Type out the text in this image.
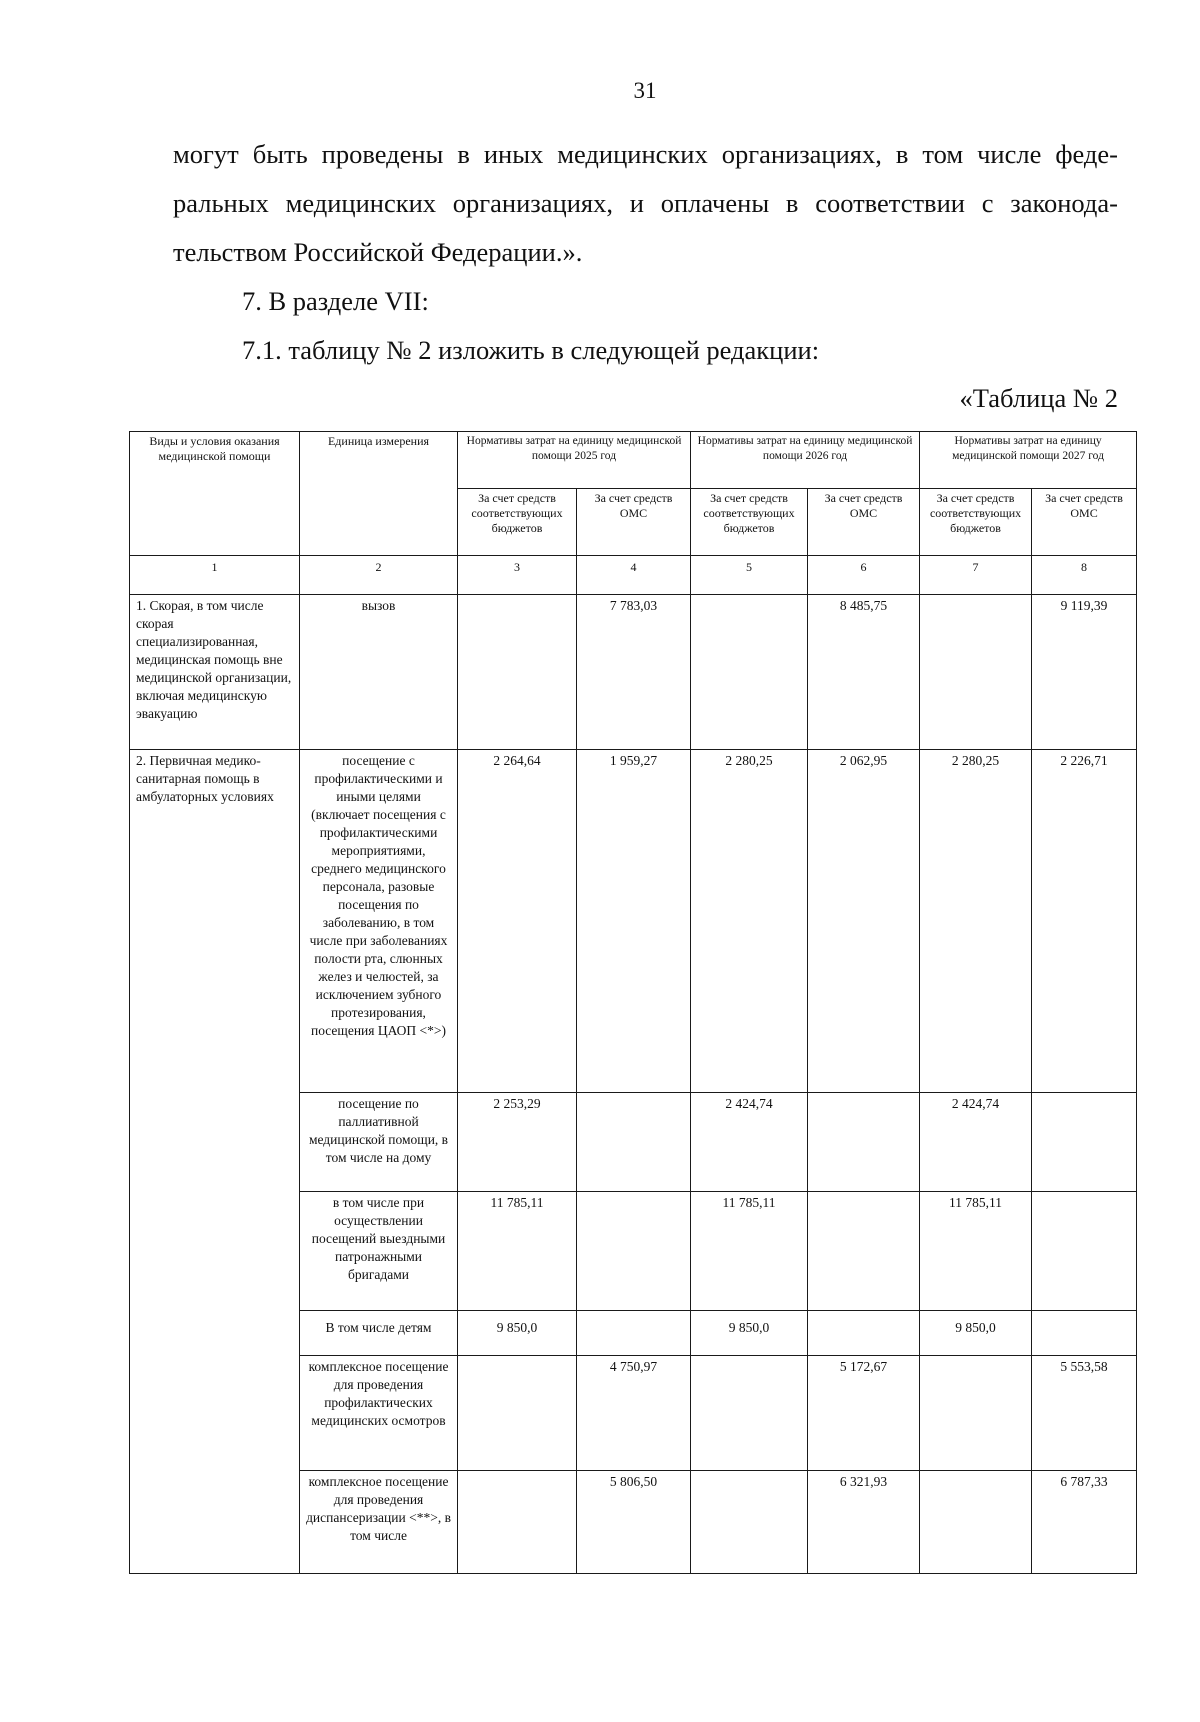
31
могут быть проведены в иных медицинских организациях, в том числе феде-
ральных медицинских организациях, и оплачены в соответствии с законода-
тельством Российской Федерации.».
7. В разделе VII:
7.1. таблицу № 2 изложить в следующей редакции:
«Таблица № 2
Виды и условия оказания медицинской помощи	Единица измерения	Нормативы затрат на единицу медицинской помощи 2025 год		Нормативы затрат на единицу медицинской помощи 2026 год		Нормативы затрат на единицу медицинской помощи 2027 год	
		За счет средств соответствующих бюджетов	За счет средств ОМС	За счет средств соответствующих бюджетов	За счет средств ОМС	За счет средств соответствующих бюджетов	За счет средств ОМС
1	2	3	4	5	6	7	8
1. Скорая, в том числе скорая специализированная, медицинская помощь вне медицинской организации, включая медицинскую эвакуацию	вызов		7 783,03		8 485,75		9 119,39
2. Первичная медико-санитарная помощь в амбулаторных условиях	посещение с профилактическими и иными целями (включает посещения с профилактическими мероприятиями, среднего медицинского персонала, разовые посещения по заболеванию, в том числе при заболеваниях полости рта, слюнных желез и челюстей, за исключением зубного протезирования, посещения ЦАОП <*>)	2 264,64	1 959,27	2 280,25	2 062,95	2 280,25	2 226,71
	посещение по паллиативной медицинской помощи, в том числе на дому	2 253,29		2 424,74		2 424,74	
	в том числе при осуществлении посещений выездными патронажными бригадами	11 785,11		11 785,11		11 785,11	
	В том числе детям	9 850,0		9 850,0		9 850,0	
	комплексное посещение для проведения профилактических медицинских осмотров		4 750,97		5 172,67		5 553,58
	комплексное посещение для проведения диспансеризации <**>, в том числе		5 806,50		6 321,93		6 787,33
